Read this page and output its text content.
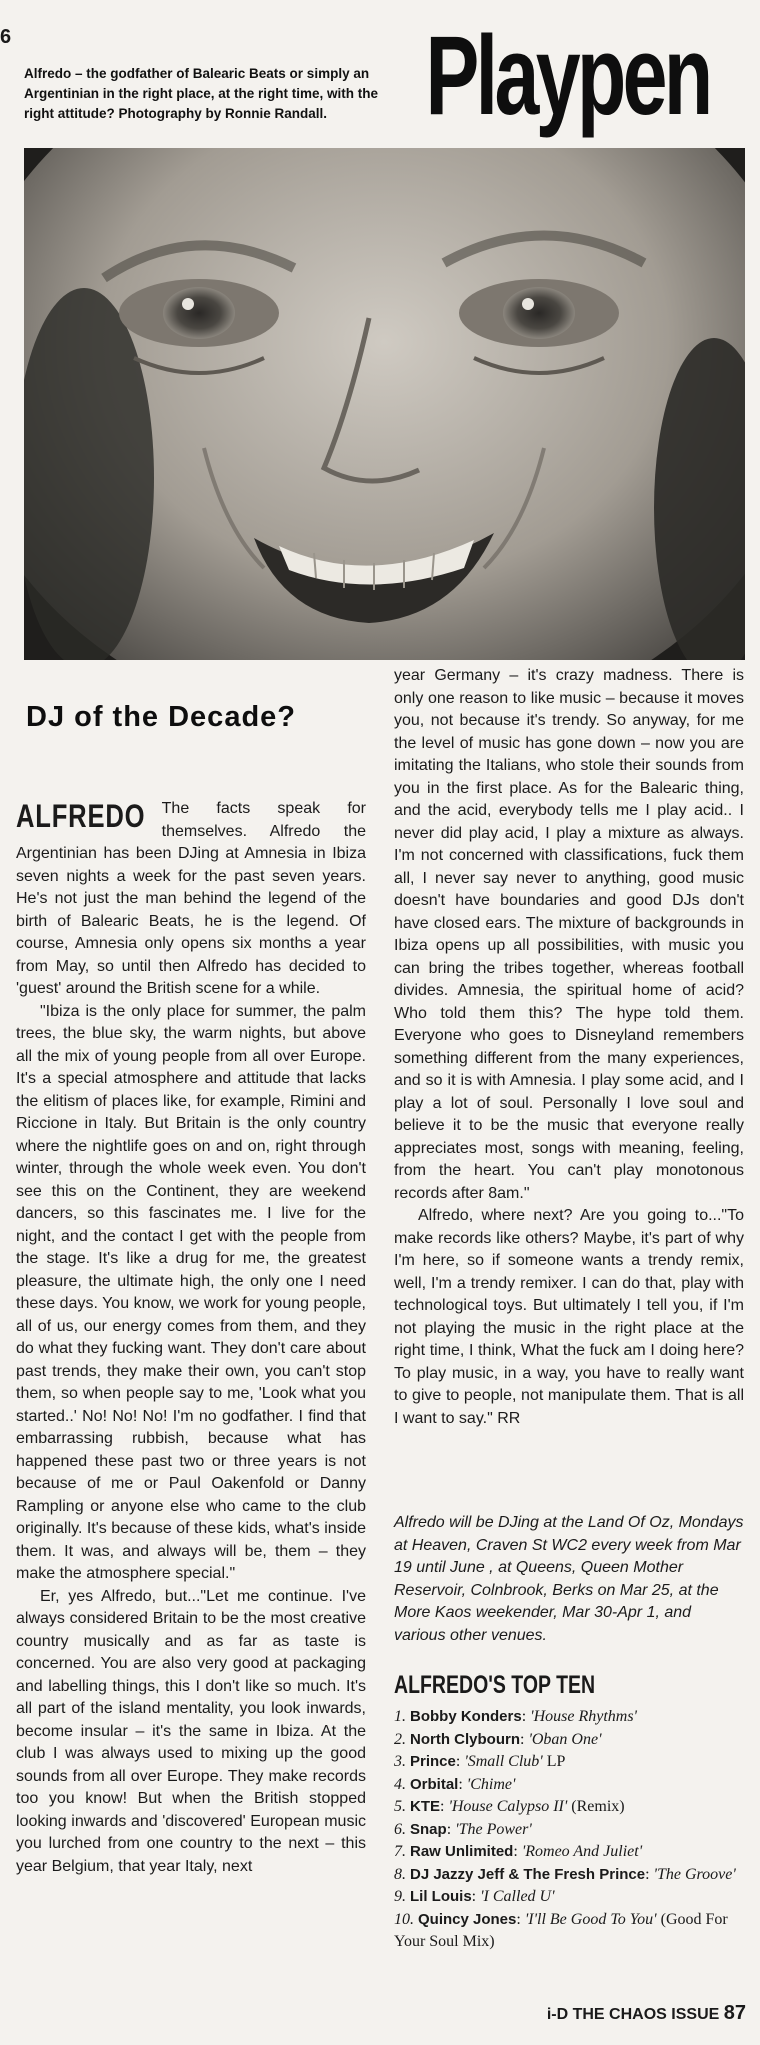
6
Alfredo – the godfather of Balearic Beats or simply an Argentinian in the right place, at the right time, with the right attitude? Photography by Ronnie Randall. Playpen
DJ of the Decade?

ALFREDO The facts speak for themselves. Alfredo the Argentinian has been DJing at Amnesia in Ibiza seven nights a week for the past seven years. He's not just the man behind the legend of the birth of Balearic Beats, he is the legend. Of course, Amnesia only opens six months a year from May, so until then Alfredo has decided to 'guest' around the British scene for a while.

"Ibiza is the only place for summer, the palm trees, the blue sky, the warm nights, but above all the mix of young people from all over Europe. It's a special atmosphere and attitude that lacks the elitism of places like, for example, Rimini and Riccione in Italy. But Britain is the only country where the nightlife goes on and on, right through winter, through the whole week even. You don't see this on the Continent, they are weekend dancers, so this fascinates me. I live for the night, and the contact I get with the people from the stage. It's like a drug for me, the greatest pleasure, the ultimate high, the only one I need these days. You know, we work for young people, all of us, our energy comes from them, and they do what they fucking want. They don't care about past trends, they make their own, you can't stop them, so when people say to me, 'Look what you started..' No! No! No! I'm no godfather. I find that embarrassing rubbish, because what has happened these past two or three years is not because of me or Paul Oakenfold or Danny Rampling or anyone else who came to the club originally. It's because of these kids, what's inside them. It was, and always will be, them – they make the atmosphere special."

Er, yes Alfredo, but..."Let me continue. I've always considered Britain to be the most creative country musically and as far as taste is concerned. You are also very good at packaging and labelling things, this I don't like so much. It's all part of the island mentality, you look inwards, become insular – it's the same in Ibiza. At the club I was always used to mixing up the good sounds from all over Europe. They make records too you know! But when the British stopped looking inwards and 'discovered' European music you lurched from one country to the next – this year Belgium, that year Italy, next

year Germany – it's crazy madness. There is only one reason to like music – because it moves you, not because it's trendy. So anyway, for me the level of music has gone down – now you are imitating the Italians, who stole their sounds from you in the first place. As for the Balearic thing, and the acid, everybody tells me I play acid.. I never did play acid, I play a mixture as always. I'm not concerned with classifications, fuck them all, I never say never to anything, good music doesn't have boundaries and good DJs don't have closed ears. The mixture of backgrounds in Ibiza opens up all possibilities, with music you can bring the tribes together, whereas football divides. Amnesia, the spiritual home of acid? Who told them this? The hype told them. Everyone who goes to Disneyland remembers something different from the many experiences, and so it is with Amnesia. I play some acid, and I play a lot of soul. Personally I love soul and believe it to be the music that everyone really appreciates most, songs with meaning, feeling, from the heart. You can't play monotonous records after 8am."

Alfredo, where next? Are you going to..."To make records like others? Maybe, it's part of why I'm here, so if someone wants a trendy remix, well, I'm a trendy remixer. I can do that, play with technological toys. But ultimately I tell you, if I'm not playing the music in the right place at the right time, I think, What the fuck am I doing here? To play music, in a way, you have to really want to give to people, not manipulate them. That is all I want to say." RR

Alfredo will be DJing at the Land Of Oz, Mondays at Heaven, Craven St WC2 every week from Mar 19 until June , at Queens, Queen Mother Reservoir, Colnbrook, Berks on Mar 25, at the More Kaos weekender, Mar 30-Apr 1, and various other venues.
ALFREDO'S TOP TEN
1. Bobby Konders: 'House Rhythms'
2. North Clybourn: 'Oban One'
3. Prince: 'Small Club' LP
4. Orbital: 'Chime'
5. KTE: 'House Calypso II' (Remix)
6. Snap: 'The Power'
7. Raw Unlimited: 'Romeo And Juliet'
8. DJ Jazzy Jeff & The Fresh Prince: 'The Groove'
9. Lil Louis: 'I Called U'
10. Quincy Jones: 'I'll Be Good To You' (Good For Your Soul Mix)
i-D THE CHAOS ISSUE 87
